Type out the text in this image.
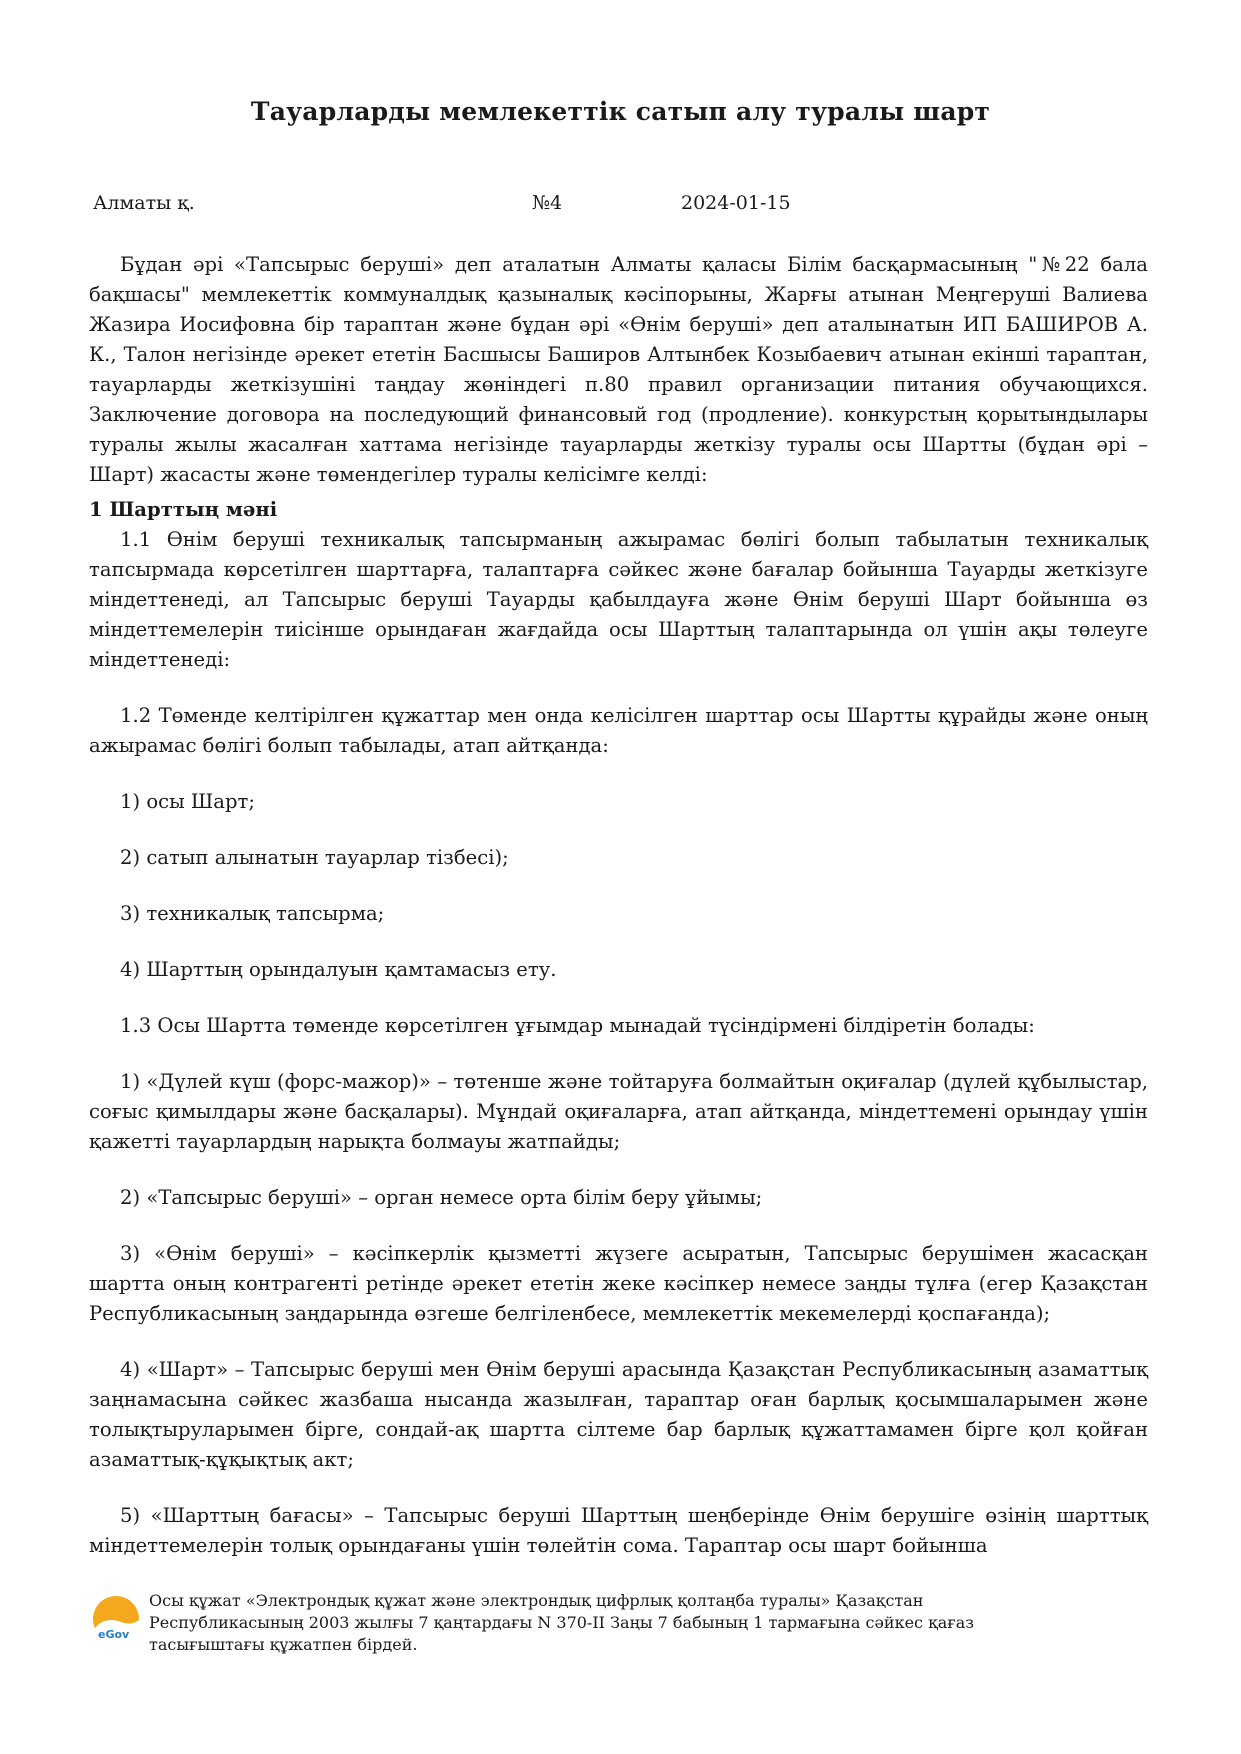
Тауарларды мемлекеттік сатып алу туралы шарт
Алматы қ.	№4	2024-01-15

Бұдан әрі «Тапсырыс беруші» деп аталатын Алматы қаласы Білім басқармасының "№22 бала бақшасы" мемлекеттік коммуналдық қазыналық кәсіпорыны, Жарғы атынан Меңгеруші Валиева Жазира Иосифовна бір тараптан және бұдан әрі «Өнім беруші» деп аталынатын ИП БАШИРОВ А. К., Талон негізінде әрекет ететін Басшысы Баширов Алтынбек Козыбаевич атынан екінші тараптан, тауарларды жеткізушіні таңдау жөніндегі п.80 правил организации питания обучающихся. Заключение договора на последующий финансовый год (продление). конкурстың қорытындылары туралы жылы жасалған хаттама негізінде тауарларды жеткізу туралы осы Шартты (бұдан әрі – Шарт) жасасты және төмендегілер туралы келісімге келді:

1 Шарттың мәні

1.1 Өнім беруші техникалық тапсырманың ажырамас бөлігі болып табылатын техникалық тапсырмада көрсетілген шарттарға, талаптарға сәйкес және бағалар бойынша Тауарды жеткізуге міндеттенеді, ал Тапсырыс беруші Тауарды қабылдауға және Өнім беруші Шарт бойынша өз міндеттемелерін тиісінше орындаған жағдайда осы Шарттың талаптарында ол үшін ақы төлеуге міндеттенеді:

1.2 Төменде келтірілген құжаттар мен онда келісілген шарттар осы Шартты құрайды және оның ажырамас бөлігі болып табылады, атап айтқанда:

1) осы Шарт;

2) сатып алынатын тауарлар тізбесі);

3) техникалық тапсырма;

4) Шарттың орындалуын қамтамасыз ету.

1.3 Осы Шартта төменде көрсетілген ұғымдар мынадай түсіндірмені білдіретін болады:

1) «Дүлей күш (форс-мажор)» – төтенше және тойтаруға болмайтын оқиғалар (дүлей құбылыстар, соғыс қимылдары және басқалары). Мұндай оқиғаларға, атап айтқанда, міндеттемені орындау үшін қажетті тауарлардың нарықта болмауы жатпайды;

2) «Тапсырыс беруші» – орган немесе орта білім беру ұйымы;

3) «Өнім беруші» – кәсіпкерлік қызметті жүзеге асыратын, Тапсырыс берушімен жасасқан шартта оның контрагенті ретінде әрекет ететін жеке кәсіпкер немесе заңды тұлға (егер Қазақстан Республикасының заңдарында өзгеше белгіленбесе, мемлекеттік мекемелерді қоспағанда);

4) «Шарт» – Тапсырыс беруші мен Өнім беруші арасында Қазақстан Республикасының азаматтық заңнамасына сәйкес жазбаша нысанда жазылған, тараптар оған барлық қосымшаларымен және толықтыруларымен бірге, сондай-ақ шартта сілтеме бар барлық құжаттамамен бірге қол қойған азаматтық-құқықтық акт;

5) «Шарттың бағасы» – Тапсырыс беруші Шарттың шеңберінде Өнім берушіге өзінің шарттық міндеттемелерін толық орындағаны үшін төлейтін сома. Тараптар осы шарт бойынша

eGov
Осы құжат «Электрондық құжат және электрондық цифрлық қолтаңба туралы» Қазақстан Республикасының 2003 жылғы 7 қаңтардағы N 370-II Заңы 7 бабының 1 тармағына сәйкес қағаз тасығыштағы құжатпен бірдей.
